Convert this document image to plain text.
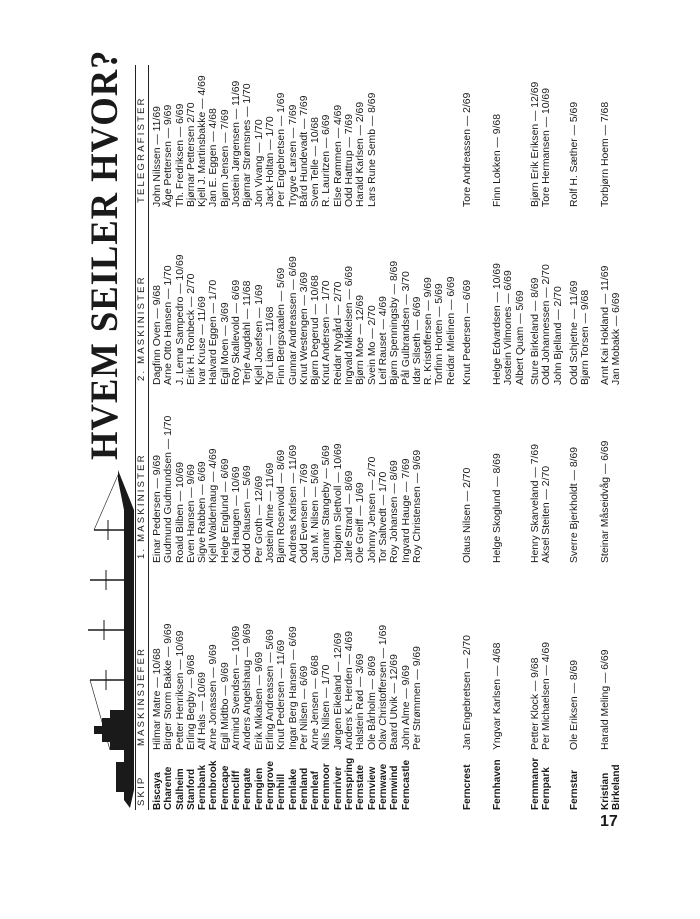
HVEM SEILER HVOR?
SKIP
MASKINSJEFER
1. MASKINISTER
2. MASKINISTER
TELEGRAFISTER
Biscaya Charente Stalheim Stanford Fernbank Fernbrook Ferncape Ferncliff Ferngate Ferngien Ferngrove Fernhill Fernlake Fernland Fernleaf Fernmoor Fernriver Fernspring Fernstate Fernview Fernwave Fernwind Ferncastle
Hilmar Matre — 10/68 Birger Storm Bakke — 9/69 Petter Henriksen — 10/69 Erling Begby — 9/68 Alf Hals — 10/69 Arne Jonassen — 9/69 Egil Midtbo — 9/69 Armind Svendsen — 10/69 Anders Angelshaug — 9/69 Erik Mikalsen — 9/69 Erling Andreassen — 5/69 Knut Pedersen — 11/69 Ingar Berg Hansen — 6/69 Per Nilsen — 6/69 Arne Jensen — 6/68 Nils Nilsen — 1/70 Jørgen Eikeland — 12/69 Anders K. Herden — 4/69 Halstein Rød — 3/69 Ole Bårholm — 8/69 Olav Christoffersen — 1/69 Baard Utvik — 12/69 John Alme — 9/69 Per Strømmen — 9/69
Einar Pedersen — 9/69 Gudmund Gudmundsen — 1/70 Roald Bilben — 10/69 Even Hansen — 9/69 Sigve Rabben — 6/69 Kjell Walderhaug — 4/69 Helge Englund — 6/69 Kai Haugen — 10/69 Odd Olausen — 5/69 Per Groth — 12/69 Jostein Alme — 11/69 Bjørn Rosenvold — 8/69 Andreas Karlsen — 11/69 Odd Evensen — 7/69 Jan M. Nilsen — 5/69 Gunnar Stangeby — 5/69 Torbjørn Slettvoll — 10/69 Jarle Strand — 8/69 Ole Greiff — 1/69 Johnny Jensen — 2/70 Tor Saltvedt — 1/70 Roy Johansen — 8/69 Ingvard Hauge — 7/69 Roy Christensen — 9/69
Dagfinn Oven — 9/68 Arne Otto Hansen — 1/70 J. Lemø Sampedro — 10/69 Erik H. Ronbeck — 2/70 Ivar Kruse — 11/69 Halvard Eggen — 1/70 Egil Moen — 3/69 Roy Skallevold — 6/69 Terje Augdahl — 11/68 Kjell Josefsen — 1/69 Tor Lian — 11/68 Finn Bergsvaalen — 5/69 Gunnar Andreassen — 6/69 Knut Westengen — 3/69 Bjørn Degerud — 10/68 Knut Andersen — 1/70 Reidar Nygård — 2/70 Ingvald Mikkelsen — 6/69 Bjørn Moe — 12/69 Svein Mo — 2/70 Leif Rauset — 4/69 Bjørn Spenningsby — 8/69 Pål Gulbrandsen — 3/70 Idar Silseth — 6/69 R. Kristoffersen — 9/69 Torfinn Horten — 5/69 Reidar Mielinen — 6/69
John Nilssen — 11/69 Åge Pettersen — 9/69 Th. Fredriksen — 6/69 Bjørnar Pettersen 2/70 Kjell J. Martinsbakke — 4/69 Jan E. Eggen — 4/68 Bjørn Jensen — 7/69 Jostein Jørgensen — 11/69 Bjørnar Strømsnes — 1/70 Jon Vivang — 1/70 Jack Holtan — 1/70 Per Engebretsen — 1/69 Trygve Larsen — 7/69 Bård Hundevadt — 7/69 Sven Telle — 10/68 R. Lauritzen — 6/69 Else Rømmen — 4/69 Odd Hattrup — 7/69 Harald Karlsen — 2/69 Lars Rune Semb — 8/69
Ferncrest
Jan Engebretsen — 2/70
Olaus Nilsen — 2/70
Knut Pedersen — 6/69
Tore Andreassen — 2/69
Fernhaven
Yngvar Karlsen — 4/68
Helge Skoglund — 8/69
Helge Edvardsen — 10/69 Jostein Vilmones — 6/69 Albert Quam — 5/69
Finn Lokken — 9/68
Fernmanor Fernpark
Petter Klock — 9/68 Per Michaelsen — 4/69
Henry Skarveland — 7/69 Aksel Steiten — 2/70
Sture Birkeland — 8/69 Odd Johannessen — 2/70 John Bjelland — 2/70
Bjørn Erik Eriksen — 12/69 Tore Hermansen — 10/69
Fernstar
Ole Eriksen — 8/69
Sverre Bjerkholdt — 8/69
Odd Schjetne — 11/69 Bjørn Torsen — 9/68
Rolf H. Sæther — 5/69
Kristian Birkeland
Harald Meling — 6/69
Steinar Måseidvåg — 6/69
Arnt Kai Hokland — 11/69 Jan Mobakk — 6/69
Torbjørn Hoem — 7/68
17
